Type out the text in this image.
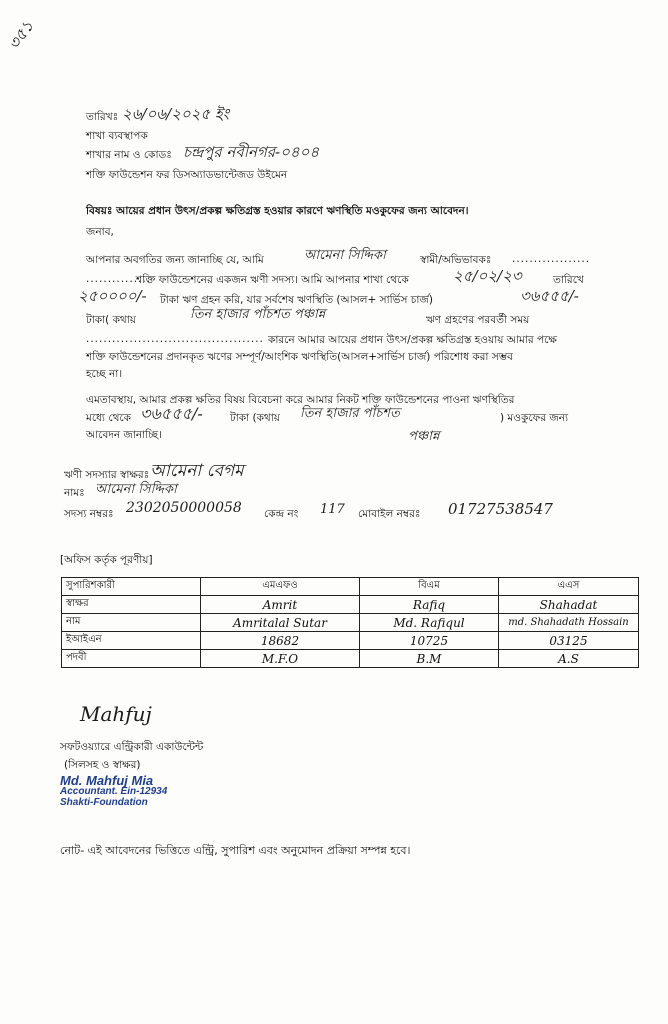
৩৫১
তারিখঃ ২৬/০৬/২০২৫ ইং
শাখা ব্যবস্থাপক
শাখার নাম ও কোডঃ চন্দ্রপুর নবীনগর-০৪০৪
শক্তি ফাউন্ডেশন ফর ডিসঅ্যাডভান্টেজড উইমেন
বিষয়ঃ আয়ের প্রধান উৎস/প্রকল্প ক্ষতিগ্রস্ত হওয়ার কারণে ঋণস্থিতি মওকুফের জন্য আবেদন।
জনাব,
আপনার অবগতির জন্য জানাচ্ছি যে, আমি	আমেনা সিদ্দিকা	স্বামী/অভিভাবকঃ ..................
...............
শক্তি ফাউন্ডেশনের একজন ঋণী সদস্য। আমি আপনার শাখা থেকে	২৫/০২/২৩	তারিখে
২৫০০০০/- টাকা ঋণ গ্রহন করি, যার সর্বশেষ ঋণস্থিতি (আসল+ সার্ভিস চার্জ)	৩৬৫৫৫/-
টাকা( কথায়	তিন হাজার পাঁচশত পঞ্চান্ন	ঋণ গ্রহণের পরবর্তী সময়
......................................... কারনে আমার আয়ের প্রধান উৎস/প্রকল্প ক্ষতিগ্রস্ত হওয়ায় আমার পক্ষে
শক্তি ফাউন্ডেশনের প্রদানকৃত ঋণের সম্পূর্ণ/আংশিক ঋণস্থিতি(আসল+সার্ভিস চার্জ) পরিশোধ করা সম্ভব
হচ্ছে না।
এমতাবস্থায়, আমার প্রকল্প ক্ষতির বিষয় বিবেচনা করে আমার নিকট শক্তি ফাউন্ডেশনের পাওনা ঋণস্থিতির
মধ্যে থেকে ৩৬৫৫৫/-	টাকা (কথায় তিন হাজার পাঁচশত	) মওকুফের জন্য
আবেদন জানাচ্ছি।	পঞ্চান্ন
ঋণী সদস্যার স্বাক্ষরঃ আমেনা বেগম
নামঃ আমেনা সিদ্দিকা
সদস্য নম্বরঃ 2302050000058 কেন্দ্র নং 117 মোবাইল নম্বরঃ 01727538547
[অফিস কর্তৃক পূরণীয়]
সুপারিশকারী	এমএফও	বিএম	এএস
স্বাক্ষর	Amrit	Rafiq	Shahadat
নাম	Amritalal Sutar	Md. Rafiqul	md. Shahadath Hossain
ইআইএন	18682	10725	03125
পদবী	M.F.O	B.M	A.S
Mahfuj
সফটওয়্যারে এন্ট্রিকারী একাউন্টেন্ট
(সিলসহ ও স্বাক্ষর)
Md. Mahfuj Mia
Accountant. Ein-12934
Shakti-Foundation
নোট- এই আবেদনের ভিত্তিতে এন্ট্রি, সুপারিশ এবং অনুমোদন প্রক্রিয়া সম্পন্ন হবে।
